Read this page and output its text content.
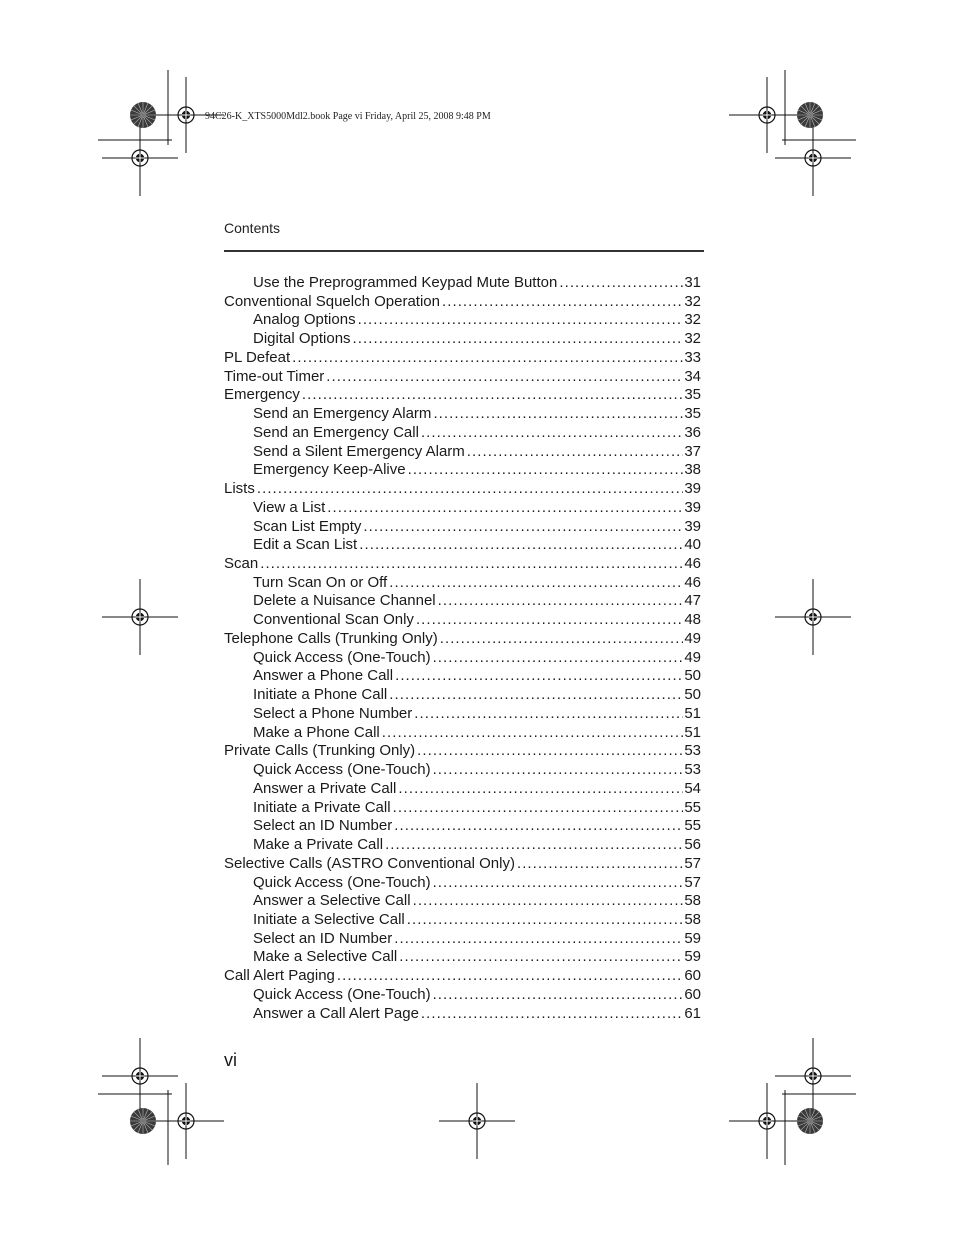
94C26-K_XTS5000Mdl2.book Page vi Friday, April 25, 2008 9:48 PM
Contents
Use the Preprogrammed Keypad Mute Button . . .	31
Conventional Squelch Operation . . .	32
Analog Options . . .	32
Digital Options . . .	32
PL Defeat . . .	33
Time-out Timer . . .	34
Emergency . . .	35
Send an Emergency Alarm . . .	35
Send an Emergency Call . . .	36
Send a Silent Emergency Alarm . . .	37
Emergency Keep-Alive . . .	38
Lists . . .	39
View a List . . .	39
Scan List Empty . . .	39
Edit a Scan List . . .	40
Scan . . .	46
Turn Scan On or Off . . .	46
Delete a Nuisance Channel . . .	47
Conventional Scan Only . . .	48
Telephone Calls (Trunking Only) . . .	49
Quick Access (One-Touch) . . .	49
Answer a Phone Call . . .	50
Initiate a Phone Call . . .	50
Select a Phone Number . . .	51
Make a Phone Call . . .	51
Private Calls (Trunking Only) . . .	53
Quick Access (One-Touch) . . .	53
Answer a Private Call . . .	54
Initiate a Private Call . . .	55
Select an ID Number . . .	55
Make a Private Call . . .	56
Selective Calls (ASTRO Conventional Only) . . .	57
Quick Access (One-Touch) . . .	57
Answer a Selective Call . . .	58
Initiate a Selective Call . . .	58
Select an ID Number . . .	59
Make a Selective Call . . .	59
Call Alert Paging . . .	60
Quick Access (One-Touch) . . .	60
Answer a Call Alert Page . . .	61
vi
